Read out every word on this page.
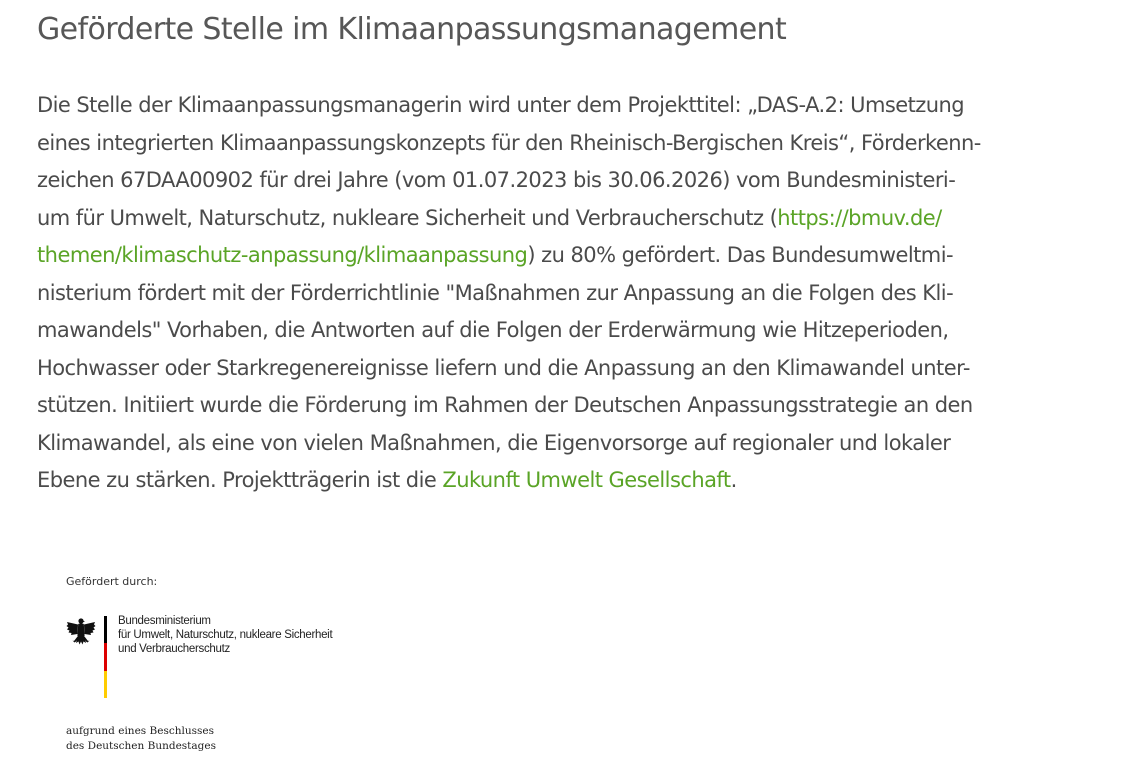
Geförderte Stelle im Klimaanpassungsmanagement
Die Stelle der Klimaanpassungsmanagerin wird unter dem Projekttitel: „DAS-A.2: Umsetzung
eines integrierten Klimaanpassungskonzepts für den Rheinisch-Bergischen Kreis“, Förderkenn-
zeichen 67DAA00902 für drei Jahre (vom 01.07.2023 bis 30.06.2026) vom Bundesministeri-
um für Umwelt, Naturschutz, nukleare Sicherheit und Verbraucherschutz (https://bmuv.de/
themen/klimaschutz-anpassung/klimaanpassung) zu 80% gefördert. Das Bundesumweltmi-
nisterium fördert mit der Förderrichtlinie "Maßnahmen zur Anpassung an die Folgen des Kli-
mawandels" Vorhaben, die Antworten auf die Folgen der Erderwärmung wie Hitzeperioden,
Hochwasser oder Starkregenereignisse liefern und die Anpassung an den Klimawandel unter-
stützen. Initiiert wurde die Förderung im Rahmen der Deutschen Anpassungsstrategie an den
Klimawandel, als eine von vielen Maßnahmen, die Eigenvorsorge auf regionaler und lokaler
Ebene zu stärken. Projektträgerin ist die Zukunft Umwelt Gesellschaft.
Gefördert durch:
Bundesministerium
für Umwelt, Naturschutz, nukleare Sicherheit
und Verbraucherschutz
aufgrund eines Beschlusses
des Deutschen Bundestages
